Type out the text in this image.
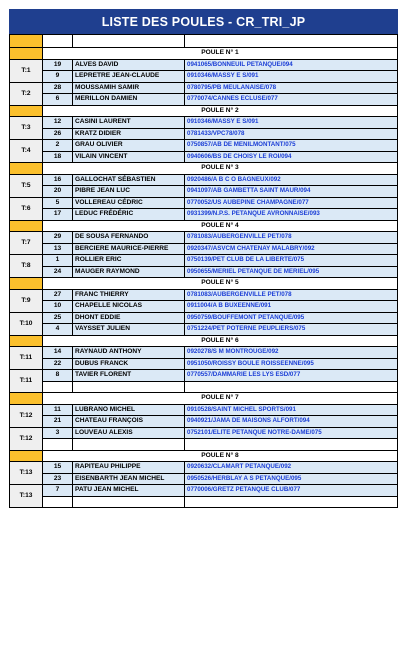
LISTE DES POULES - CR_TRI_JP

	POULE N° 1		
T:1	19	ALVES DAVID	0941065/BONNEUIL PETANQUE/094
	9	LEPRETRE JEAN-CLAUDE	0910346/MASSY E S/091
T:2	28	MOUSSAMIH SAMIR	0780795/PB MEULANAISE/078
	6	MERILLON DAMIEN	0770074/CANNES ECLUSE/077
	POULE N° 2		
T:3	12	CASINI LAURENT	0910346/MASSY E S/091
	26	KRATZ DIDIER	0781433/VPC78/078
T:4	2	GRAU OLIVIER	0750857/AB DE MENILMONTANT/075
	18	VILAIN VINCENT	0940606/BS DE CHOISY LE ROI/094
	POULE N° 3		
T:5	16	GALLOCHAT SÉBASTIEN	0920486/A B C O BAGNEUX/092
	20	PIBRE JEAN LUC	0941097/AB GAMBETTA SAINT MAUR/094
T:6	5	VOLLEREAU CÉDRIC	0770052/US AUBEPINE CHAMPAGNE/077
	17	LEDUC FRÉDÉRIC	0931399/N.P.S. PETANQUE AVRONNAISE/093
	POULE N° 4		
T:7	29	DE SOUSA FERNANDO	0781083/AUBERGENVILLE PET/078
	13	BERCIERE MAURICE-PIERRE	0920347/ASVCM CHATENAY MALABRY/092
T:8	1	ROLLIER ERIC	0750139/PET CLUB DE LA LIBERTE/075
	24	MAUGER RAYMOND	0950655/MERIEL PETANQUE DE MERIEL/095
	POULE N° 5		
T:9	27	FRANC THIERRY	0781083/AUBERGENVILLE PET/078
	10	CHAPELLE NICOLAS	0911004/A B BUXEENNE/091
T:10	25	DHONT EDDIE	0950759/BOUFFEMONT PETANQUE/095
	4	VAYSSET JULIEN	0751224/PET POTERNE PEUPLIERS/075
	POULE N° 6		
T:11	14	RAYNAUD ANTHONY	0920278/S M MONTROUGE/092
	22	DUBUS FRANCK	0951050/ROISSY BOULE ROISSEENNE/095
T:11	8	TAVIER FLORENT	0770557/DAMMARIE LES LYS ESD/077

	POULE N° 7		
T:12	11	LUBRANO MICHEL	0910528/SAINT MICHEL SPORTS/091
	21	CHATEAU FRANÇOIS	0940921/JAMA DE MAISONS ALFORT/094
T:12	3	LOUVEAU ALEXIS	0752101/ELITE PETANQUE NOTRE-DAME/075

	POULE N° 8		
T:13	15	RAPITEAU PHILIPPE	0920632/CLAMART PETANQUE/092
	23	EISENBARTH JEAN MICHEL	0950526/HERBLAY A S PETANQUE/095
T:13	7	PATU JEAN MICHEL	0770006/GRETZ PETANQUE CLUB/077
